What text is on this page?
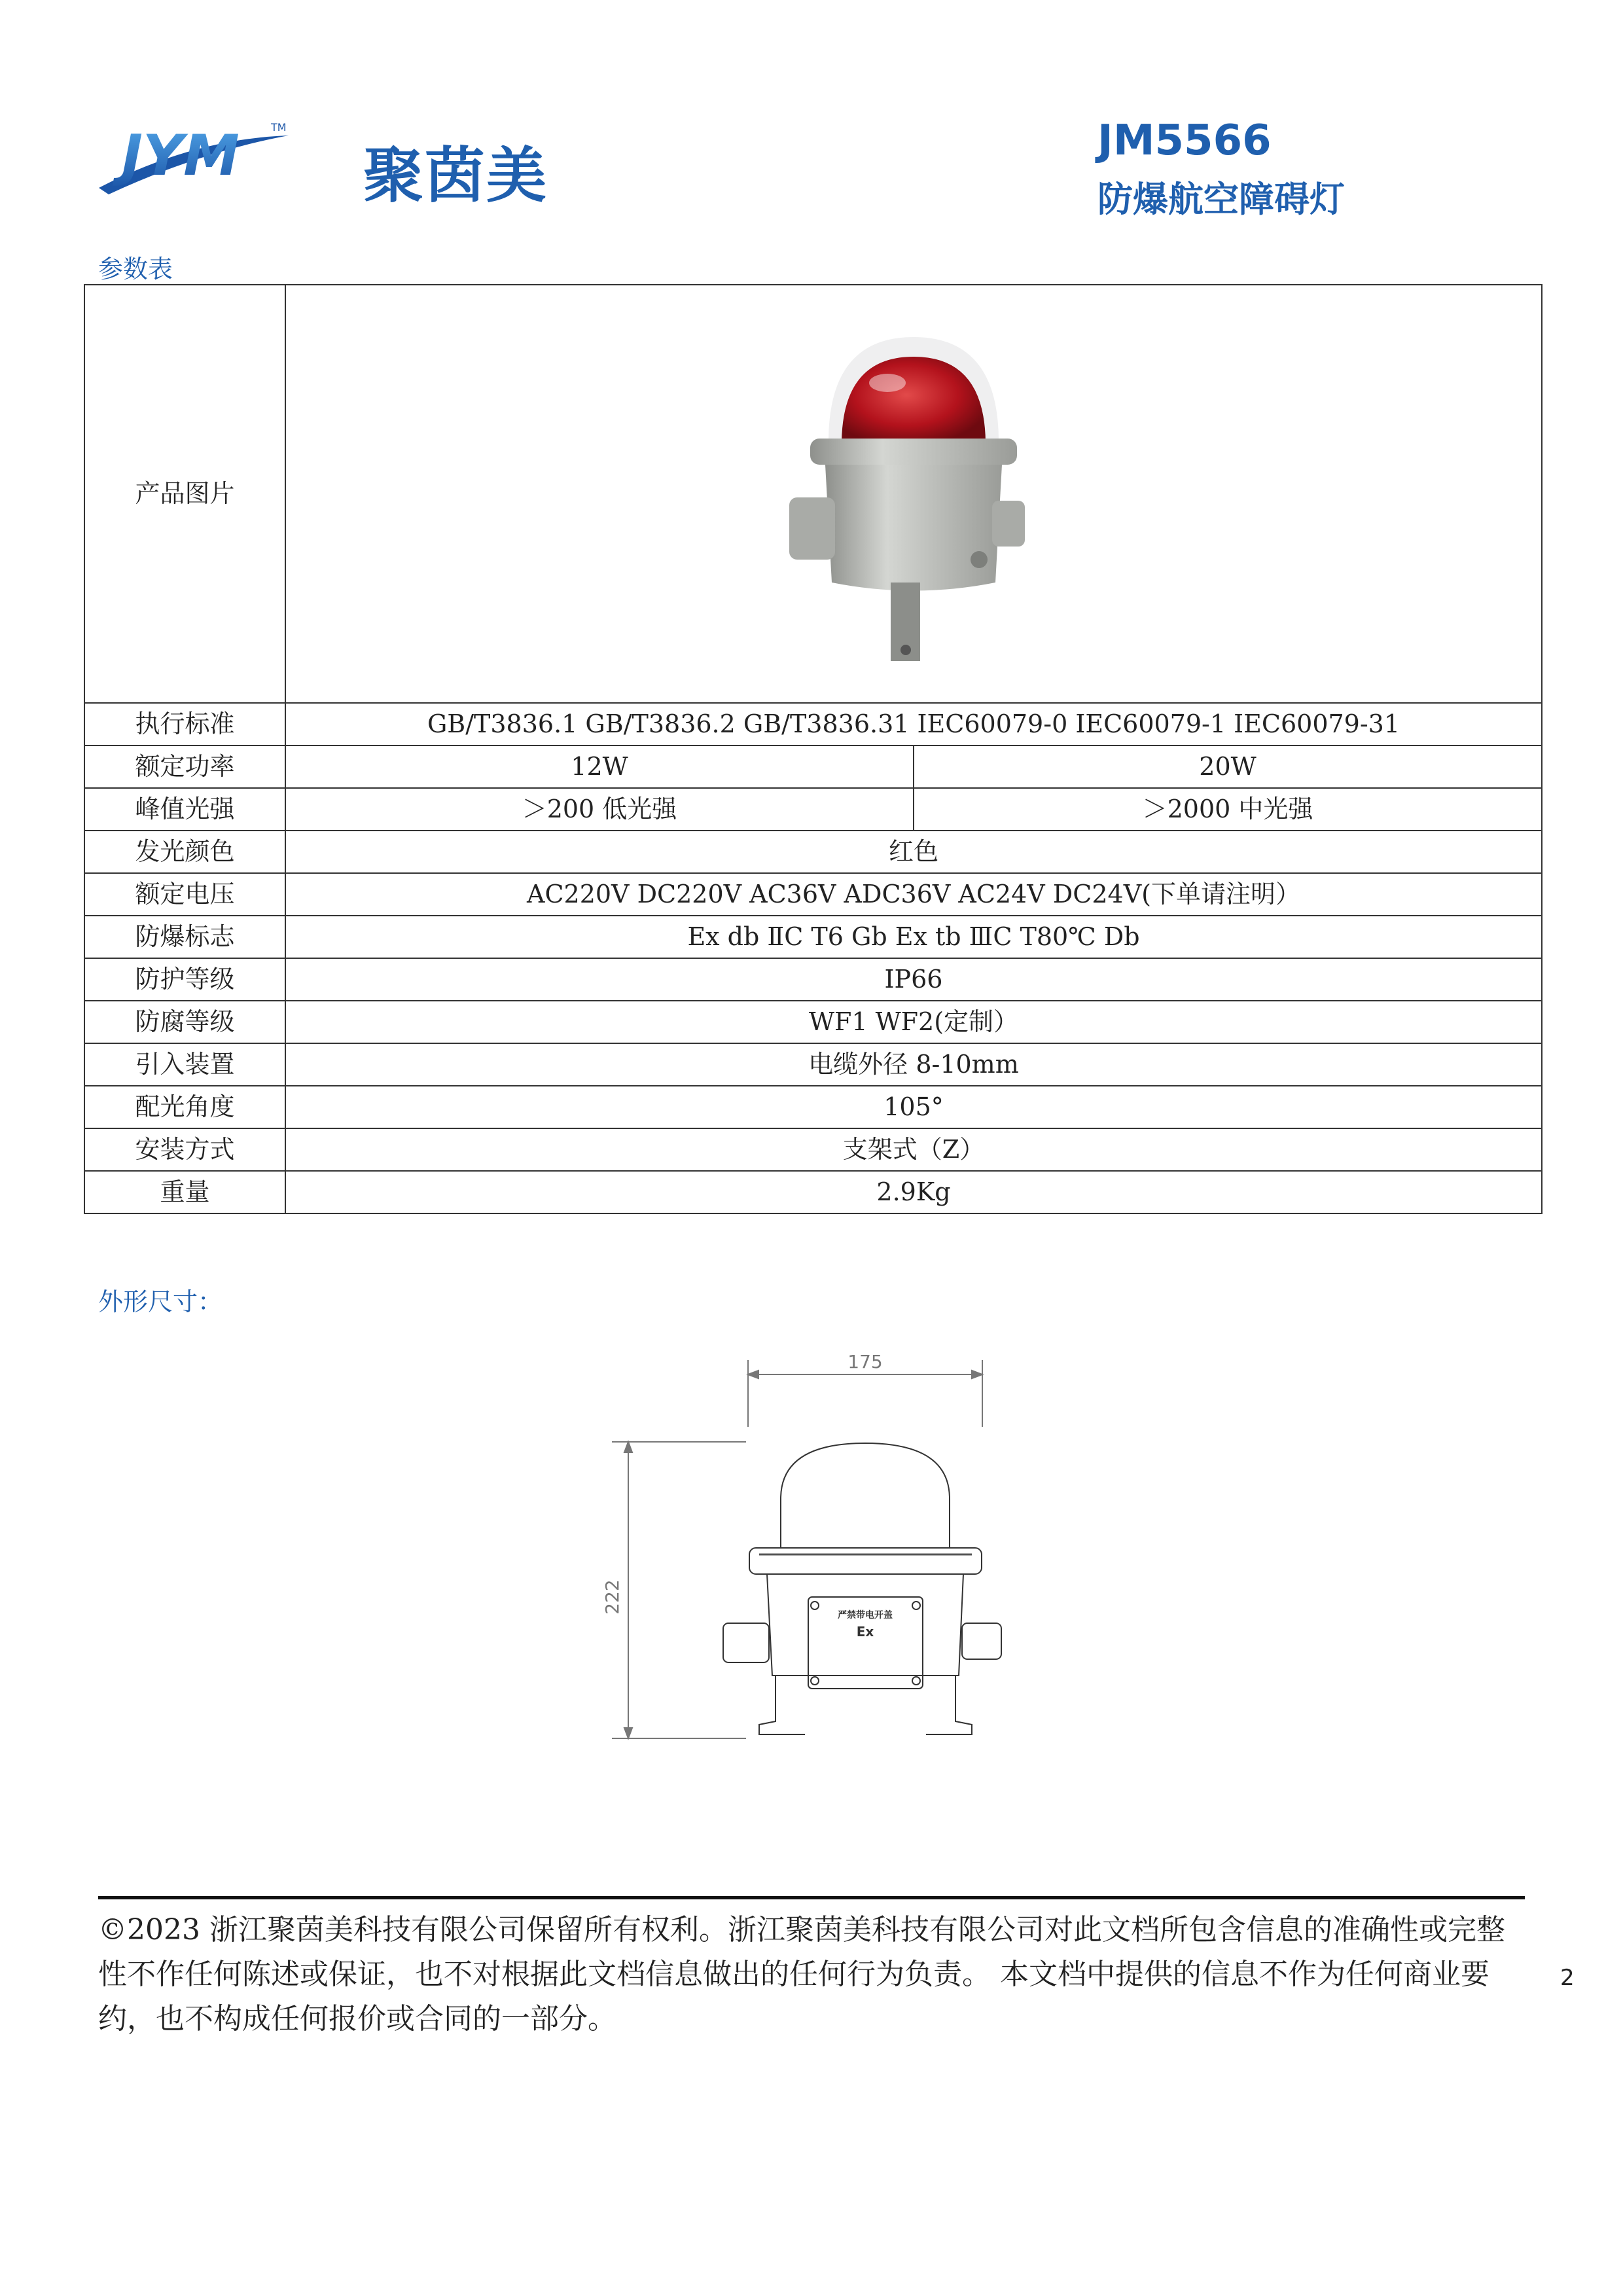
JYM	TM
聚茵美	JM5566
防爆航空障碍灯
参数表
产品图片	

执行标准	GB/T3836.1 GB/T3836.2 GB/T3836.31 IEC60079-0 IEC60079-1 IEC60079-31	
额定功率	12W	20W
峰值光强	＞200 低光强	＞2000 中光强
发光颜色	红色	
额定电压	AC220V DC220V AC36V ADC36V AC24V DC24V(下单请注明）	
防爆标志	Ex db ⅡC T6 Gb Ex tb ⅢC T80℃ Db	
防护等级	IP66	
防腐等级	WF1 WF2(定制）	
引入装置	电缆外径 8-10mm	
配光角度	105°	
安装方式	支架式（Z）	
重量	2.9Kg	
外形尺寸：
175
222
严禁带电开盖
Ex
©2023 浙江聚茵美科技有限公司保留所有权利。浙江聚茵美科技有限公司对此文档所包含信息的准确性或完整性不作任何陈述或保证，也不对根据此文档信息做出的任何行为负责。 本文档中提供的信息不作为任何商业要约，也不构成任何报价或合同的一部分。
2
